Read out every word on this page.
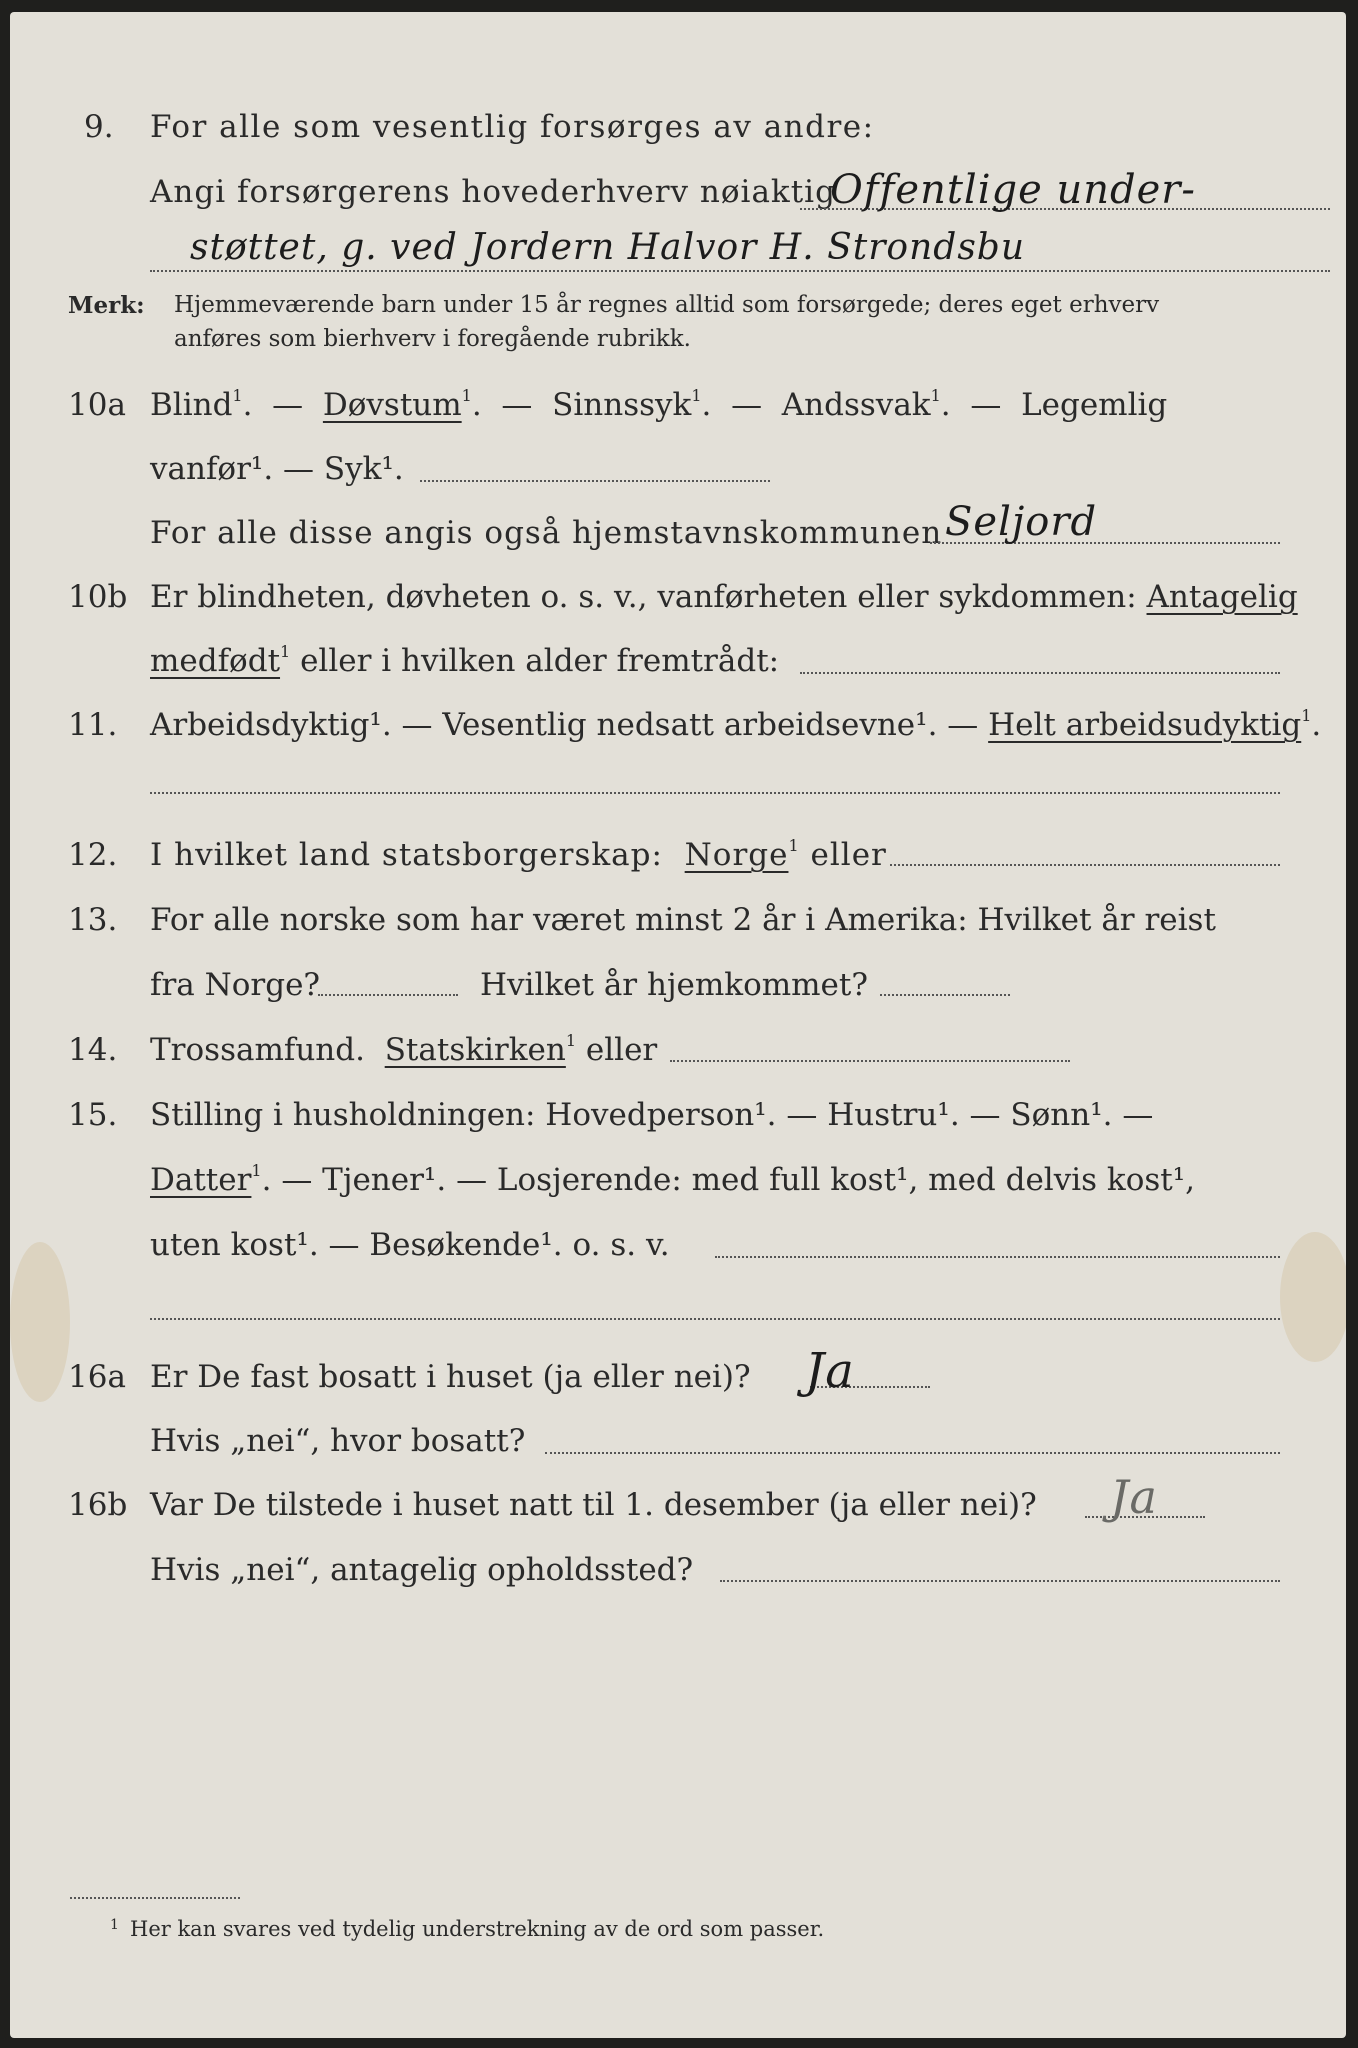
9. For alle som vesentlig forsørges av andre:
Angi forsørgerens hovederhverv nøiaktig
Offentlige under-
støttet, g. ved Jordern Halvor H. Strondsbu
Merk: Hjemmeværende barn under 15 år regnes alltid som forsørgede; deres eget erhverv
anføres som bierhverv i foregående rubrikk.
10a Blind$^1$.  —  Døvstum$^1$.  —  Sinnssyk$^1$.  —  Andssvak$^1$.  —  Legemlig
vanfør¹. — Syk¹.
For alle disse angis også hjemstavnskommunen Seljord
10b Er blindheten, døvheten o. s. v., vanførheten eller sykdommen: Antagelig
medfødt$^1$ eller i hvilken alder fremtrådt:
11. Arbeidsdyktig¹. — Vesentlig nedsatt arbeidsevne¹. — Helt arbeidsudyktig$^1$.
12. I hvilket land statsborgerskap: Norge$^1$ eller
13. For alle norske som har været minst 2 år i Amerika: Hvilket år reist
fra Norge?	Hvilket år hjemkommet?
14. Trossamfund. Statskirken$^1$ eller
15. Stilling i husholdningen: Hovedperson¹. — Hustru¹. — Sønn¹. —
Datter$^1$. — Tjener¹. — Losjerende: med full kost¹, med delvis kost¹,
uten kost¹. — Besøkende¹. o. s. v.
16a Er De fast bosatt i huset (ja eller nei)? Ja
Hvis „nei“, hvor bosatt?
16b Var De tilstede i huset natt til 1. desember (ja eller nei)? Ja
Hvis „nei“, antagelig opholdssted?
1 Her kan svares ved tydelig understrekning av de ord som passer.
